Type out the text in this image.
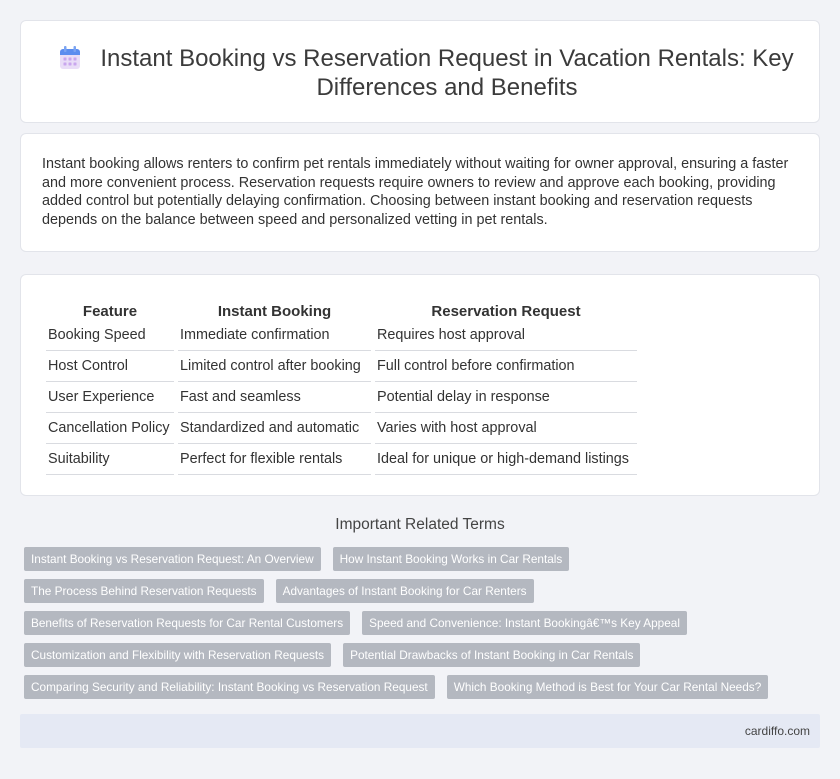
Instant Booking vs Reservation Request in Vacation Rentals: Key Differences and Benefits

Instant booking allows renters to confirm pet rentals immediately without waiting for owner approval, ensuring a faster and more convenient process. Reservation requests require owners to review and approve each booking, providing added control but potentially delaying confirmation. Choosing between instant booking and reservation requests depends on the balance between speed and personalized vetting in pet rentals.

Feature	Instant Booking	Reservation Request
Booking Speed	Immediate confirmation	Requires host approval
Host Control	Limited control after booking	Full control before confirmation
User Experience	Fast and seamless	Potential delay in response
Cancellation Policy	Standardized and automatic	Varies with host approval
Suitability	Perfect for flexible rentals	Ideal for unique or high-demand listings
Important Related Terms
Instant Booking vs Reservation Request: An Overview	How Instant Booking Works in Car Rentals
The Process Behind Reservation Requests	Advantages of Instant Booking for Car Renters
Benefits of Reservation Requests for Car Rental Customers	Speed and Convenience: Instant Bookingâ€™s Key Appeal
Customization and Flexibility with Reservation Requests	Potential Drawbacks of Instant Booking in Car Rentals
Comparing Security and Reliability: Instant Booking vs Reservation Request	Which Booking Method is Best for Your Car Rental Needs?
cardiffo.com
